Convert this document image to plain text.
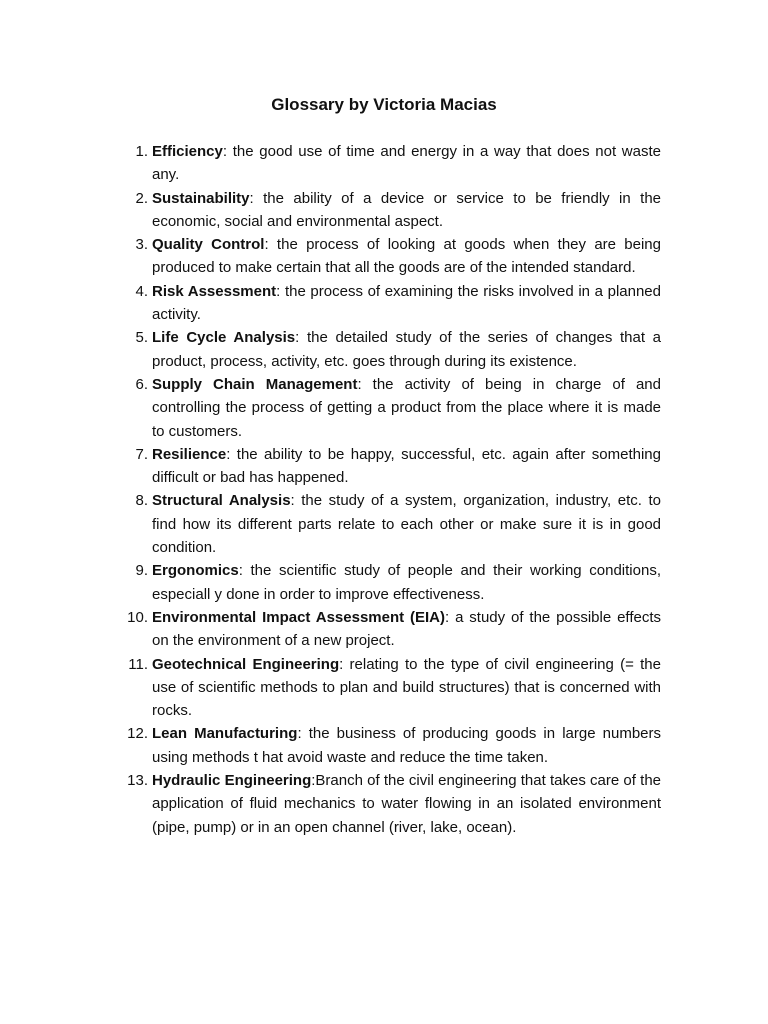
Glossary by Victoria Macias
1. Efficiency: the good use of time and energy in a way that does not waste any.
2. Sustainability: the ability of a device or service to be friendly in the economic, social and environmental aspect.
3. Quality Control: the process of looking at goods when they are being produced to make certain that all the goods are of the intended standard.
4. Risk Assessment: the process of examining the risks involved in a planned activity.
5. Life Cycle Analysis: the detailed study of the series of changes that a product, process, activity, etc. goes through during its existence.
6. Supply Chain Management: the activity of being in charge of and controlling the process of getting a product from the place where it is made to customers.
7. Resilience: the ability to be happy, successful, etc. again after something difficult or bad has happened.
8. Structural Analysis: the study of a system, organization, industry, etc. to find how its different parts relate to each other or make sure it is in good condition.
9. Ergonomics: the scientific study of people and their working conditions, especiall y done in order to improve effectiveness.
10. Environmental Impact Assessment (EIA): a study of the possible effects on the environment of a new project.
11. Geotechnical Engineering: relating to the type of civil engineering (= the use of scientific methods to plan and build structures) that is concerned with rocks.
12. Lean Manufacturing: the business of producing goods in large numbers using methods t hat avoid waste and reduce the time taken.
13. Hydraulic Engineering:Branch of the civil engineering that takes care of the application of fluid mechanics to water flowing in an isolated environment (pipe, pump) or in an open channel (river, lake, ocean).
